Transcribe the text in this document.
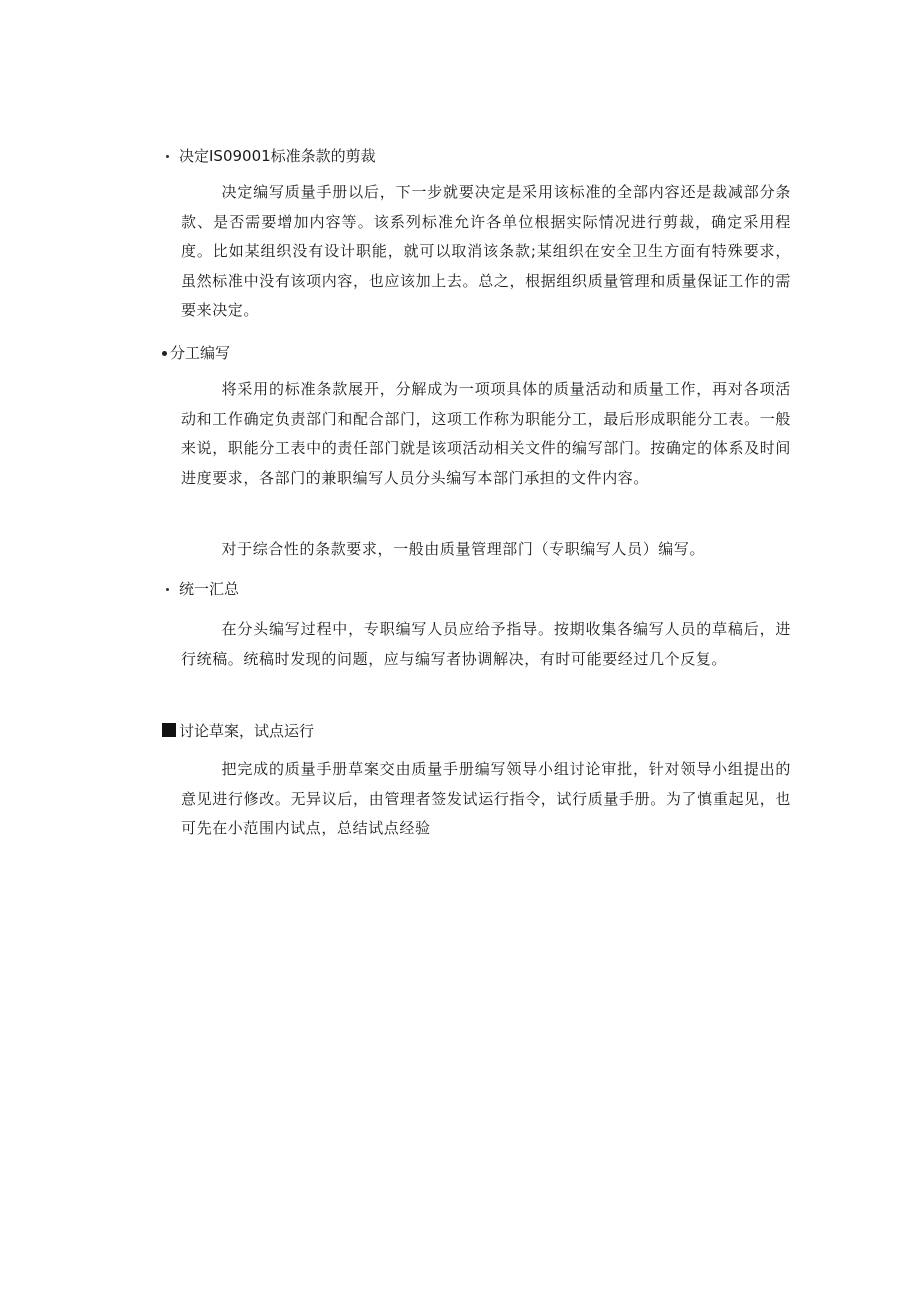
决定IS09001标准条款的剪裁
决定编写质量手册以后，下一步就要决定是采用该标准的全部内容还是裁减部分条款、是否需要增加内容等。该系列标准允许各单位根据实际情况进行剪裁，确定采用程度。比如某组织没有设计职能，就可以取消该条款;某组织在安全卫生方面有特殊要求，虽然标准中没有该项内容，也应该加上去。总之，根据组织质量管理和质量保证工作的需要来决定。
分工编写
将采用的标准条款展开，分解成为一项项具体的质量活动和质量工作，再对各项活动和工作确定负责部门和配合部门，这项工作称为职能分工，最后形成职能分工表。一般来说，职能分工表中的责任部门就是该项活动相关文件的编写部门。按确定的体系及时间进度要求，各部门的兼职编写人员分头编写本部门承担的文件内容。
对于综合性的条款要求，一般由质量管理部门（专职编写人员）编写。
统一汇总
在分头编写过程中，专职编写人员应给予指导。按期收集各编写人员的草稿后，进行统稿。统稿时发现的问题，应与编写者协调解决，有时可能要经过几个反复。
讨论草案，试点运行
把完成的质量手册草案交由质量手册编写领导小组讨论审批，针对领导小组提出的意见进行修改。无异议后，由管理者签发试运行指令，试行质量手册。为了慎重起见，也可先在小范围内试点，总结试点经验
